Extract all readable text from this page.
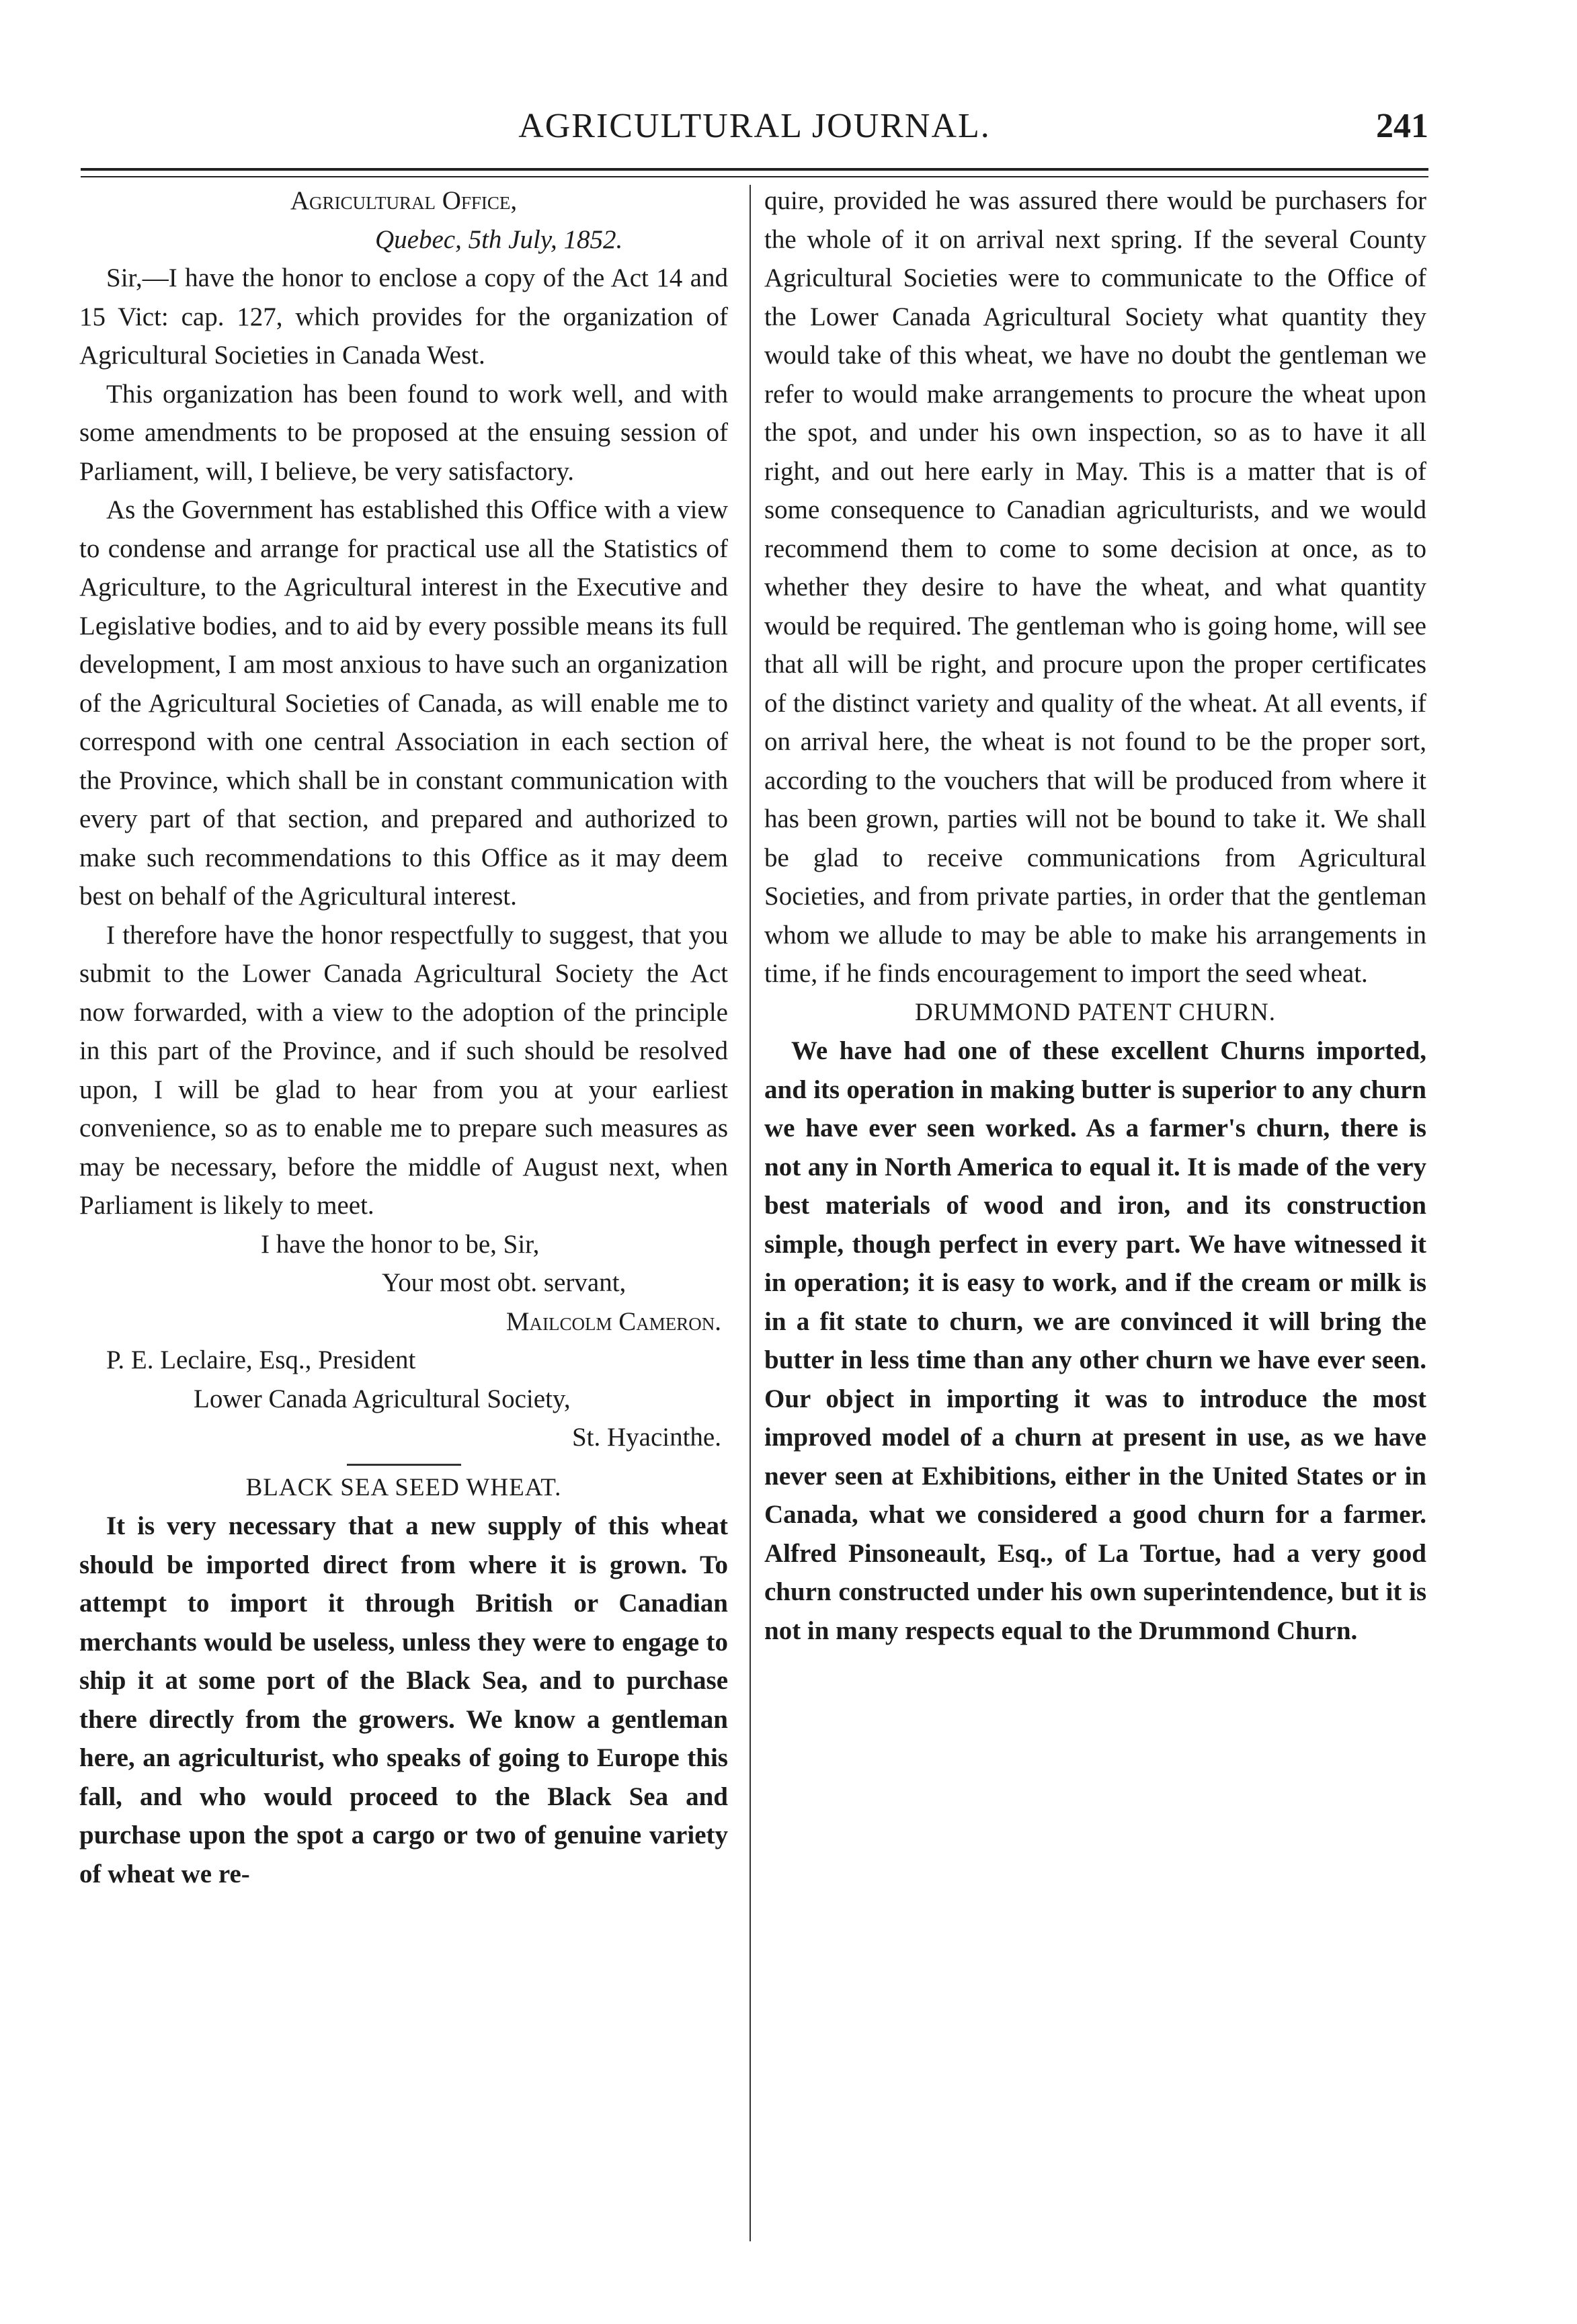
AGRICULTURAL JOURNAL.	241

Agricultural Office,

Quebec, 5th July, 1852.

Sir,—I have the honor to enclose a copy of the Act 14 and 15 Vict: cap. 127, which provides for the organization of Agricultural Societies in Canada West.

This organization has been found to work well, and with some amendments to be proposed at the ensuing session of Parliament, will, I believe, be very satisfactory.

As the Government has established this Office with a view to condense and arrange for practical use all the Statistics of Agriculture, to the Agricultural interest in the Executive and Legislative bodies, and to aid by every possible means its full development, I am most anxious to have such an organization of the Agricultural Societies of Canada, as will enable me to correspond with one central Association in each section of the Province, which shall be in constant communication with every part of that section, and prepared and authorized to make such recommendations to this Office as it may deem best on behalf of the Agricultural interest.

I therefore have the honor respectfully to suggest, that you submit to the Lower Canada Agricultural Society the Act now forwarded, with a view to the adoption of the principle in this part of the Province, and if such should be resolved upon, I will be glad to hear from you at your earliest convenience, so as to enable me to prepare such measures as may be necessary, before the middle of August next, when Parliament is likely to meet.

I have the honor to be, Sir,

Your most obt. servant,

Mailcolm Cameron.

P. E. Leclaire, Esq., President

Lower Canada Agricultural Society,

St. Hyacinthe.

BLACK SEA SEED WHEAT.

It is very necessary that a new supply of this wheat should be imported direct from where it is grown. To attempt to import it through British or Canadian merchants would be useless, unless they were to engage to ship it at some port of the Black Sea, and to purchase there directly from the growers. We know a gentleman here, an agriculturist, who speaks of going to Europe this fall, and who would proceed to the Black Sea and purchase upon the spot a cargo or two of genuine variety of wheat we re-

quire, provided he was assured there would be purchasers for the whole of it on arrival next spring. If the several County Agricultural Societies were to communicate to the Office of the Lower Canada Agricultural Society what quantity they would take of this wheat, we have no doubt the gentleman we refer to would make arrangements to procure the wheat upon the spot, and under his own inspection, so as to have it all right, and out here early in May. This is a matter that is of some consequence to Canadian agriculturists, and we would recommend them to come to some decision at once, as to whether they desire to have the wheat, and what quantity would be required. The gentleman who is going home, will see that all will be right, and procure upon the proper certificates of the distinct variety and quality of the wheat. At all events, if on arrival here, the wheat is not found to be the proper sort, according to the vouchers that will be produced from where it has been grown, parties will not be bound to take it. We shall be glad to receive communications from Agricultural Societies, and from private parties, in order that the gentleman whom we allude to may be able to make his arrangements in time, if he finds encouragement to import the seed wheat.

DRUMMOND PATENT CHURN.

We have had one of these excellent Churns imported, and its operation in making butter is superior to any churn we have ever seen worked. As a farmer's churn, there is not any in North America to equal it. It is made of the very best materials of wood and iron, and its construction simple, though perfect in every part. We have witnessed it in operation; it is easy to work, and if the cream or milk is in a fit state to churn, we are convinced it will bring the butter in less time than any other churn we have ever seen. Our object in importing it was to introduce the most improved model of a churn at present in use, as we have never seen at Exhibitions, either in the United States or in Canada, what we considered a good churn for a farmer. Alfred Pinsoneault, Esq., of La Tortue, had a very good churn constructed under his own superintendence, but it is not in many respects equal to the Drummond Churn.
